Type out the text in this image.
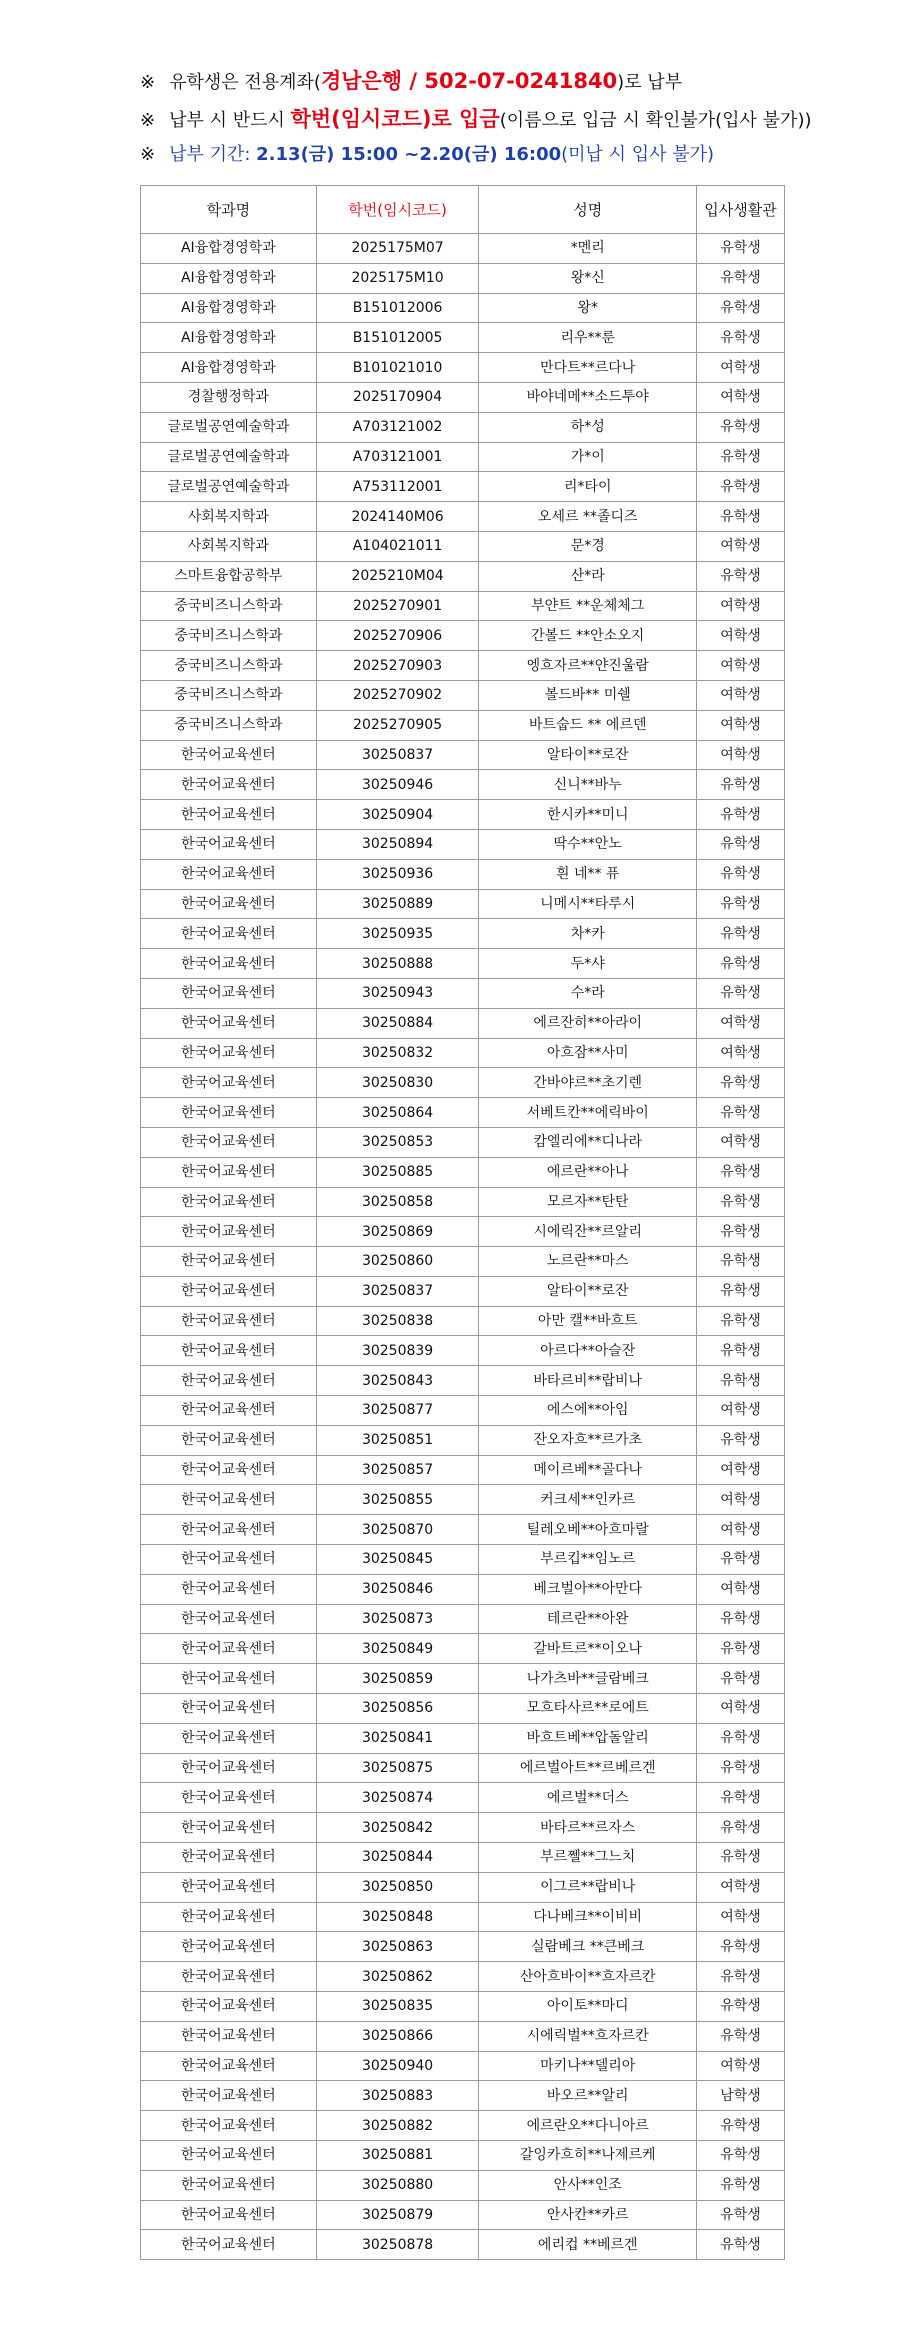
※ 유학생은 전용계좌(경남은행 / 502-07-0241840)로 납부
※ 납부 시 반드시 학번(임시코드)로 입금(이름으로 입금 시 확인불가(입사 불가))
※ 납부 기간: 2.13(금) 15:00 ~2.20(금) 16:00(미납 시 입사 불가)
학과명	학번(임시코드)	성명	입사생활관
AI융합경영학과	2025175M07	*멘리	유학생
AI융합경영학과	2025175M10	왕*신	유학생
AI융합경영학과	B151012006	왕*	유학생
AI융합경영학과	B151012005	리우**룬	유학생
AI융합경영학과	B101021010	만다트**르다나	여학생
경찰행정학과	2025170904	바야네메**소드투야	여학생
글로벌공연예술학과	A703121002	하*성	유학생
글로벌공연예술학과	A703121001	가*이	유학생
글로벌공연예술학과	A753112001	리*타이	유학생
사회복지학과	2024140M06	오세르 **졸디즈	유학생
사회복지학과	A104021011	문*경	여학생
스마트융합공학부	2025210M04	산*라	유학생
중국비즈니스학과	2025270901	부얀트 **운체체그	여학생
중국비즈니스학과	2025270906	간볼드 **안소오지	여학생
중국비즈니스학과	2025270903	엥흐자르**얀진울람	여학생
중국비즈니스학과	2025270902	볼드바** 미쉘	여학생
중국비즈니스학과	2025270905	바트숩드 ** 에르덴	여학생
한국어교육센터	30250837	알타이**로잔	여학생
한국어교육센터	30250946	신니**바누	유학생
한국어교육센터	30250904	한시카**미니	유학생
한국어교육센터	30250894	딱수**안노	유학생
한국어교육센터	30250936	흰 네** 퓨	유학생
한국어교육센터	30250889	니메시**타루시	유학생
한국어교육센터	30250935	차*카	유학생
한국어교육센터	30250888	두*샤	유학생
한국어교육센터	30250943	수*라	유학생
한국어교육센터	30250884	에르잔히**아라이	여학생
한국어교육센터	30250832	아흐잠**사미	여학생
한국어교육센터	30250830	간바야르**초기렌	유학생
한국어교육센터	30250864	서베트칸**에릭바이	유학생
한국어교육센터	30250853	캄엘리에**디나라	여학생
한국어교육센터	30250885	에르란**아나	유학생
한국어교육센터	30250858	모르자**탄탄	유학생
한국어교육센터	30250869	시에릭잔**르알리	유학생
한국어교육센터	30250860	노르란**마스	유학생
한국어교육센터	30250837	알타이**로잔	유학생
한국어교육센터	30250838	아만 캘**바흐트	유학생
한국어교육센터	30250839	아르다**아슬잔	유학생
한국어교육센터	30250843	바타르비**랍비나	유학생
한국어교육센터	30250877	에스에**아임	여학생
한국어교육센터	30250851	잔오자흐**르가초	유학생
한국어교육센터	30250857	메이르베**골다나	여학생
한국어교육센터	30250855	커크세**인카르	여학생
한국어교육센터	30250870	틸레오베**아흐마랄	여학생
한국어교육센터	30250845	부르킵**임노르	유학생
한국어교육센터	30250846	베크벌아**아만다	여학생
한국어교육센터	30250873	테르란**아완	유학생
한국어교육센터	30250849	갈바트르**이오나	유학생
한국어교육센터	30250859	나가츠바**글람베크	유학생
한국어교육센터	30250856	모흐타사르**로에트	여학생
한국어교육센터	30250841	바흐트베**압돌알리	유학생
한국어교육센터	30250875	에르벌아트**르베르겐	유학생
한국어교육센터	30250874	에르벌**더스	유학생
한국어교육센터	30250842	바타르**르자스	유학생
한국어교육센터	30250844	부르쩰**그느치	유학생
한국어교육센터	30250850	이그르**랍비나	여학생
한국어교육센터	30250848	다나베크**이비비	여학생
한국어교육센터	30250863	실람베크 **큰베크	유학생
한국어교육센터	30250862	산아흐바이**흐자르칸	유학생
한국어교육센터	30250835	아이토**마디	유학생
한국어교육센터	30250866	시에릭벌**흐자르칸	유학생
한국어교육센터	30250940	마키나**델리아	여학생
한국어교육센터	30250883	바오르**알리	남학생
한국어교육센터	30250882	에르란오**다니아르	유학생
한국어교육센터	30250881	갈잉카흐히**나제르케	유학생
한국어교육센터	30250880	안사**인조	유학생
한국어교육센터	30250879	안사칸**카르	유학생
한국어교육센터	30250878	에리컵 **베르겐	유학생
